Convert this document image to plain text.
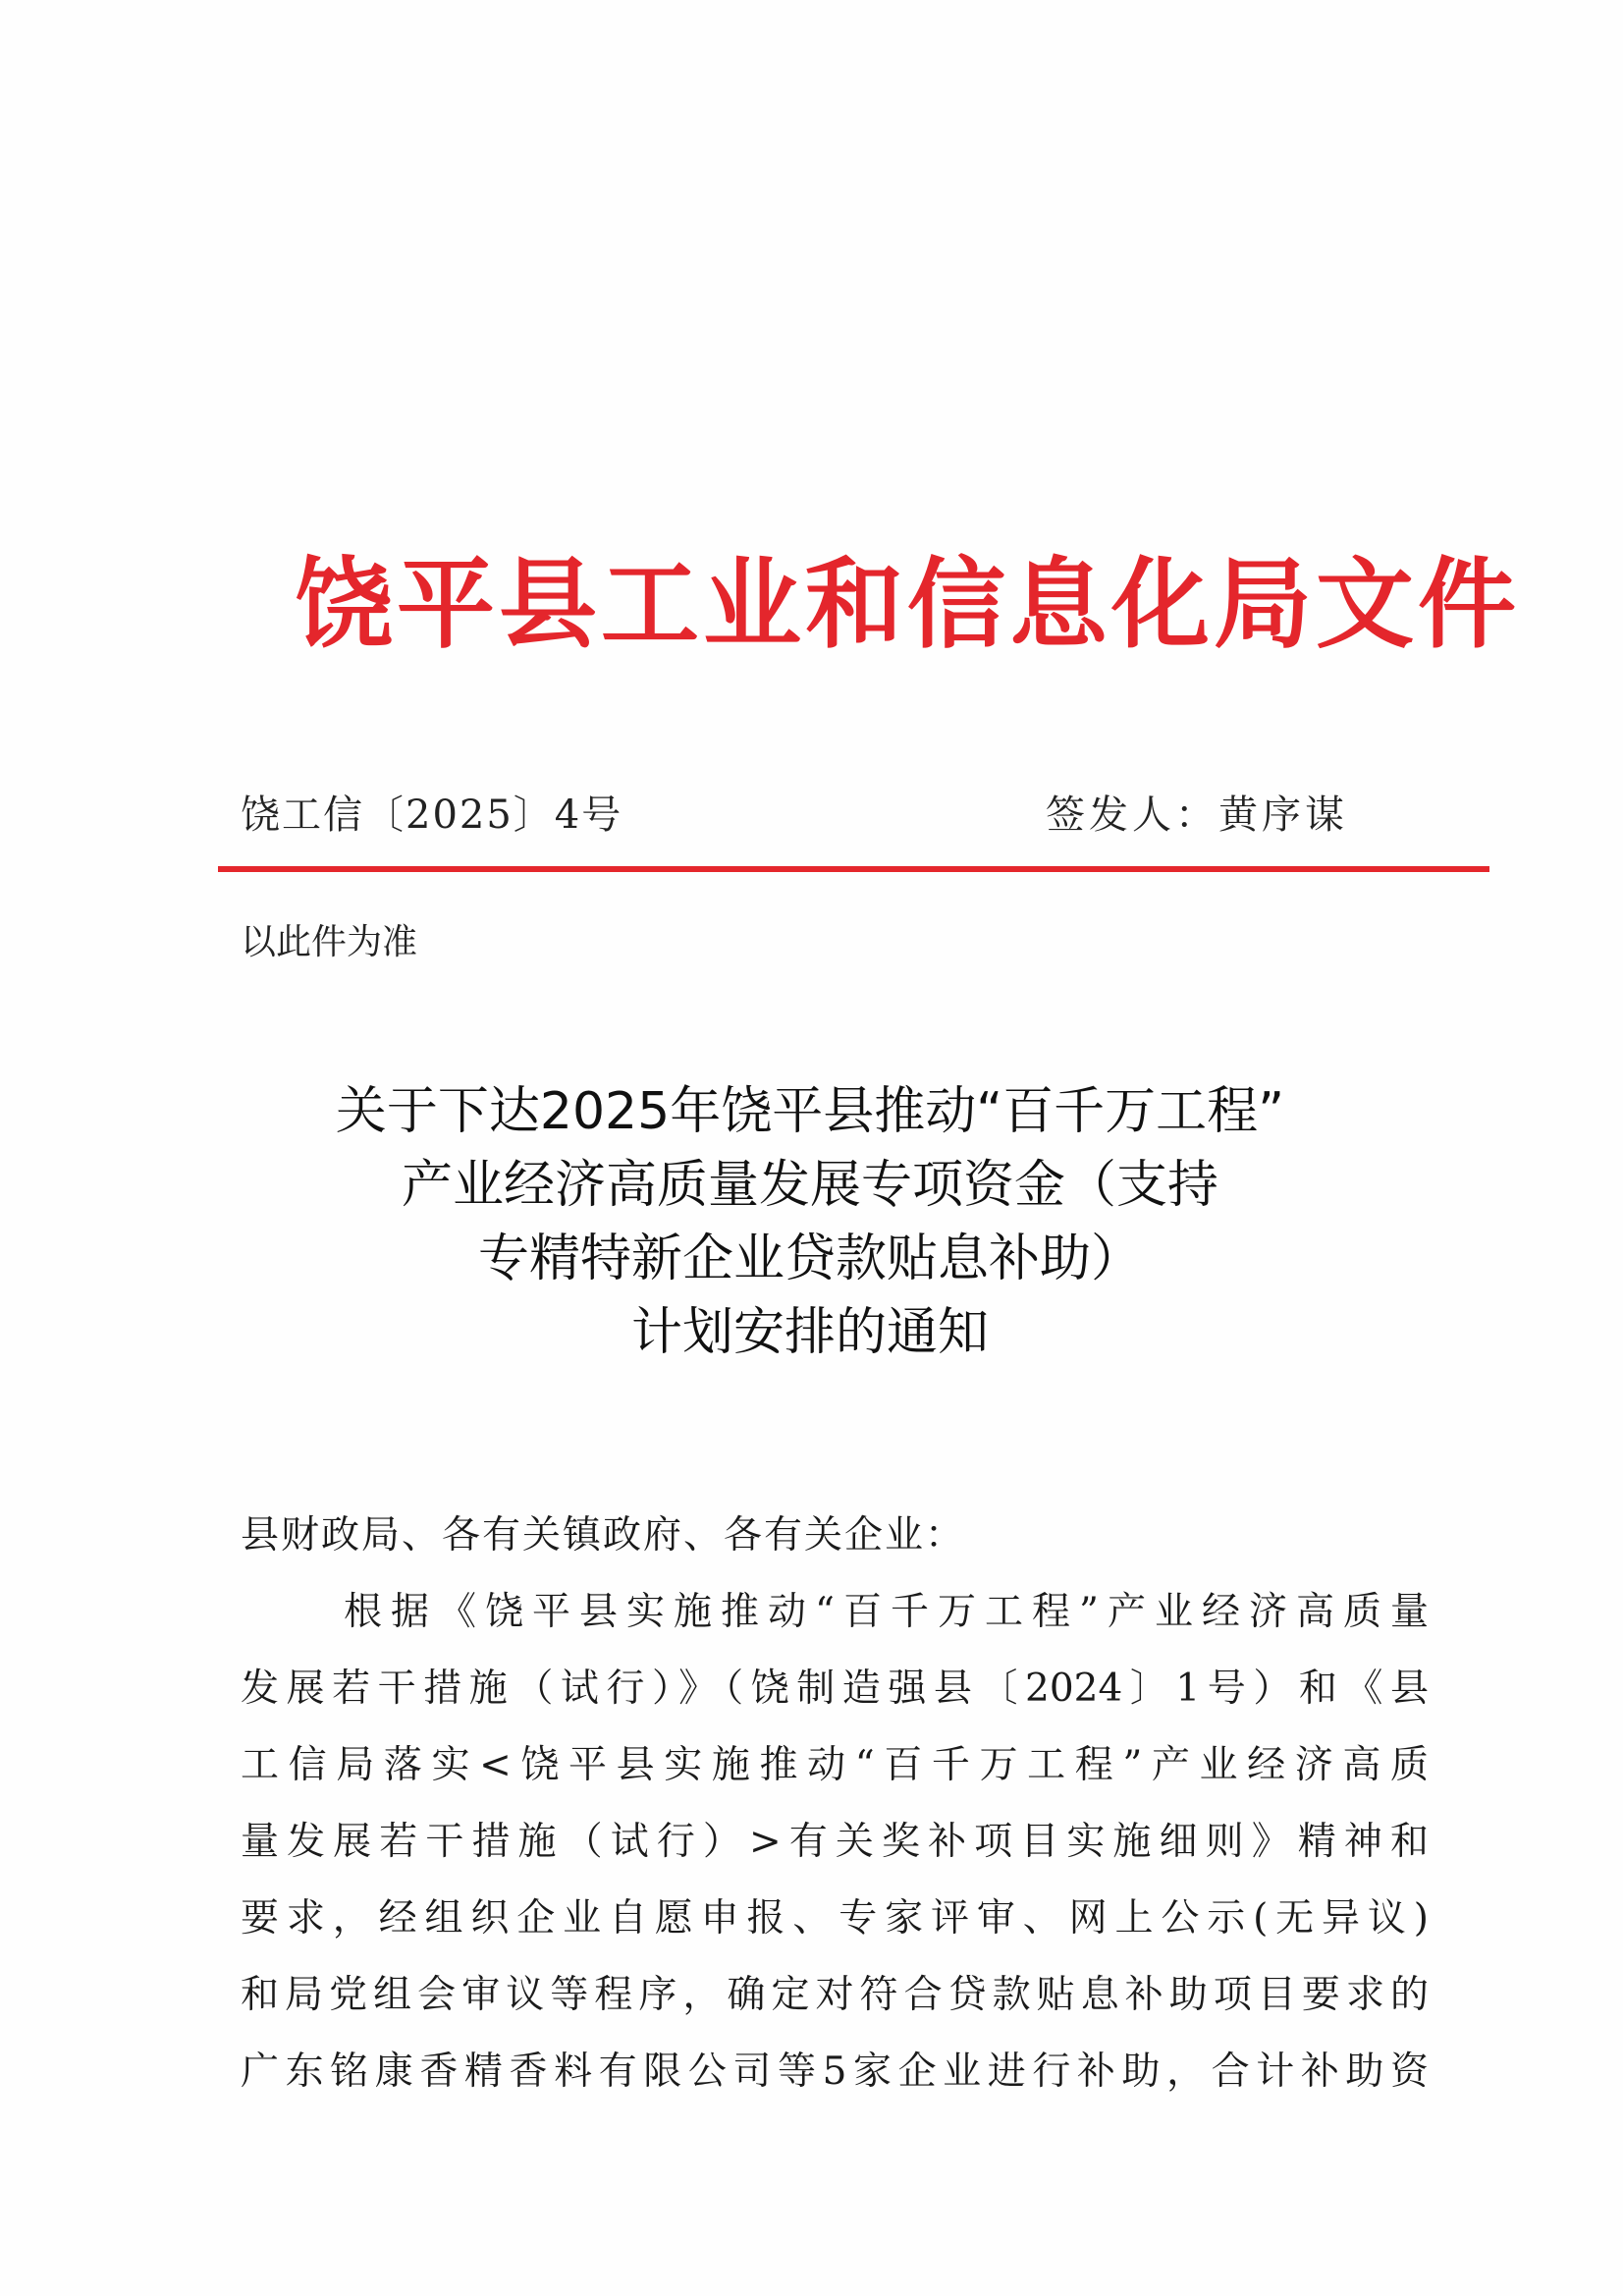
饶平县工业和信息化局文件
饶工信〔2025〕4号	签发人：黄序谋
以此件为准
关于下达2025年饶平县推动“百千万工程”
产业经济高质量发展专项资金（支持
专精特新企业贷款贴息补助）
计划安排的通知
县财政局、各有关镇政府、各有关企业：
根据《饶平县实施推动“百千万工程”产业经济高质量
发展若干措施（试行）》（饶制造强县〔2024〕1号）和《县
工信局落实<饶平县实施推动“百千万工程”产业经济高质
量发展若干措施（试行）>有关奖补项目实施细则》精神和
要求，经组织企业自愿申报、专家评审、网上公示(无异议)
和局党组会审议等程序，确定对符合贷款贴息补助项目要求的
广东铭康香精香料有限公司等5家企业进行补助，合计补助资
